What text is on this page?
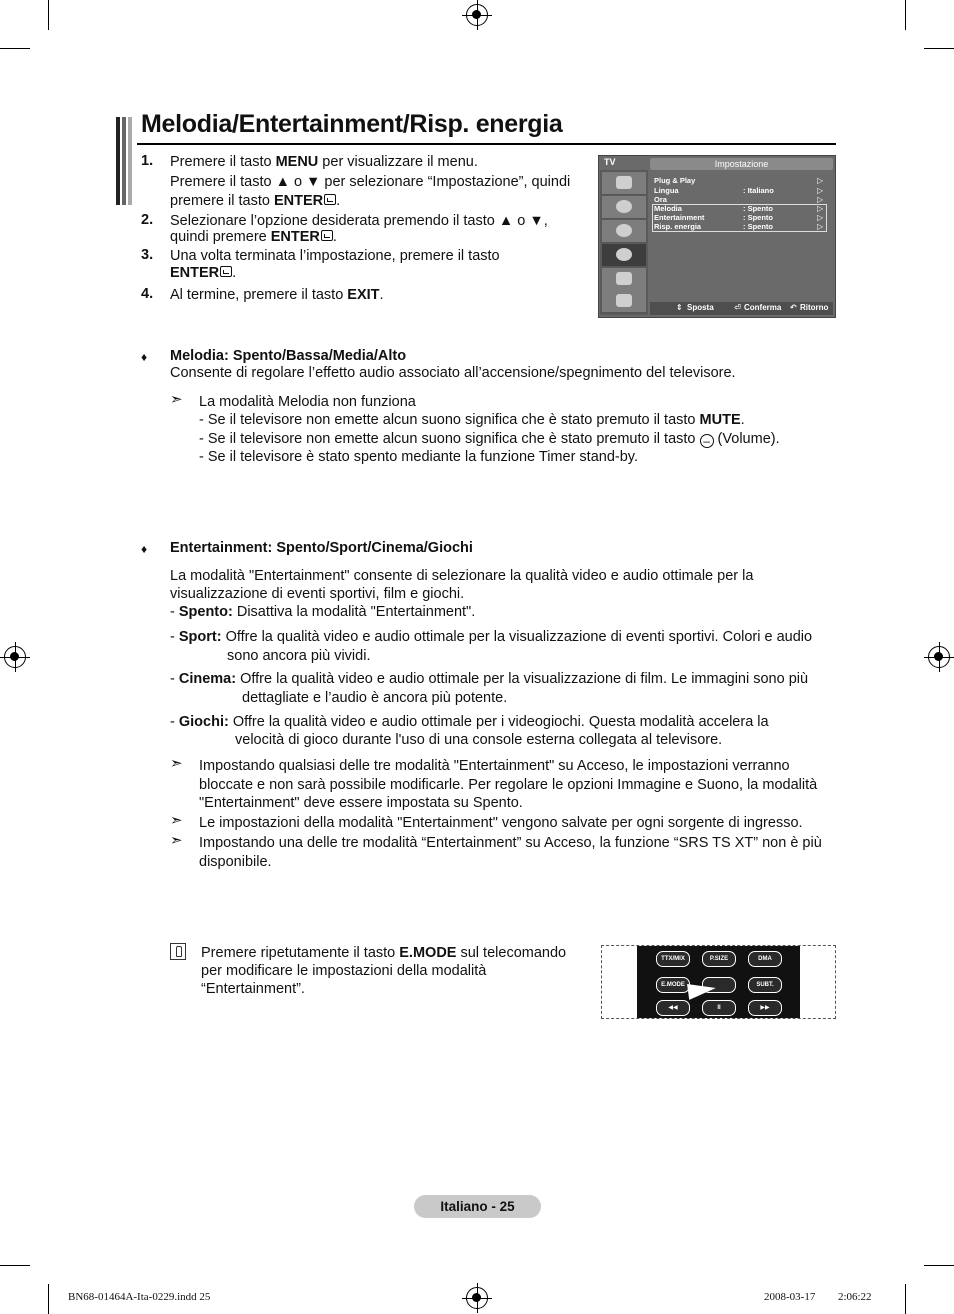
Melodia/Entertainment/Risp. energia
1. Premere il tasto MENU per visualizzare il menu.
Premere il tasto ▲ o ▼ per selezionare “Impostazione”, quindi
premere il tasto ENTER .
2. Selezionare l’opzione desiderata premendo il tasto ▲ o ▼,
quindi premere ENTER .
3. Una volta terminata l’impostazione, premere il tasto
ENTER .
4. Al termine, premere il tasto EXIT.
TV	Impostazione
Plug & Play	▷
Lingua	: Italiano	▷
Ora	▷
Melodia	: Spento	▷
Entertainment	: Spento	▷
Risp. energia	: Spento	▷
⇕ Sposta	⏎ Conferma ↶ Ritorno
♦ Melodia: Spento/Bassa/Media/Alto
Consente di regolare l’effetto audio associato all’accensione/spegnimento del televisore.
➣ La modalità Melodia non funziona
- Se il televisore non emette alcun suono significa che è stato premuto il tasto MUTE.
- Se il televisore non emette alcun suono significa che è stato premuto il tasto – (Volume).
- Se il televisore è stato spento mediante la funzione Timer stand-by.
♦ Entertainment: Spento/Sport/Cinema/Giochi
La modalità "Entertainment" consente di selezionare la qualità video e audio ottimale per la
visualizzazione di eventi sportivi, film e giochi.
- Spento: Disattiva la modalità "Entertainment".
- Sport: Offre la qualità video e audio ottimale per la visualizzazione di eventi sportivi. Colori e audio
sono ancora più vividi.
- Cinema: Offre la qualità video e audio ottimale per la visualizzazione di film. Le immagini sono più
dettagliate e l’audio è ancora più potente.
- Giochi: Offre la qualità video e audio ottimale per i videogiochi. Questa modalità accelera la
velocità di gioco durante l'uso di una console esterna collegata al televisore.
➣ Impostando qualsiasi delle tre modalità "Entertainment" su Acceso, le impostazioni verranno
bloccate e non sarà possibile modificarle. Per regolare le opzioni Immagine e Suono, la modalità
"Entertainment" deve essere impostata su Spento.
➣ Le impostazioni della modalità "Entertainment" vengono salvate per ogni sorgente di ingresso.
➣ Impostando una delle tre modalità “Entertainment” su Acceso, la funzione “SRS TS XT” non è più
disponibile.
Premere ripetutamente il tasto E.MODE sul telecomando
per modificare le impostazioni della modalità
“Entertainment”.
TTX/MIX	P.SIZE	DMA
E.MODE	SUBT.
◀◀	II	▶▶
Italiano - 25
BN68-01464A-Ita-0229.indd 25	2008-03-17 ￿￿ 2:06:22
